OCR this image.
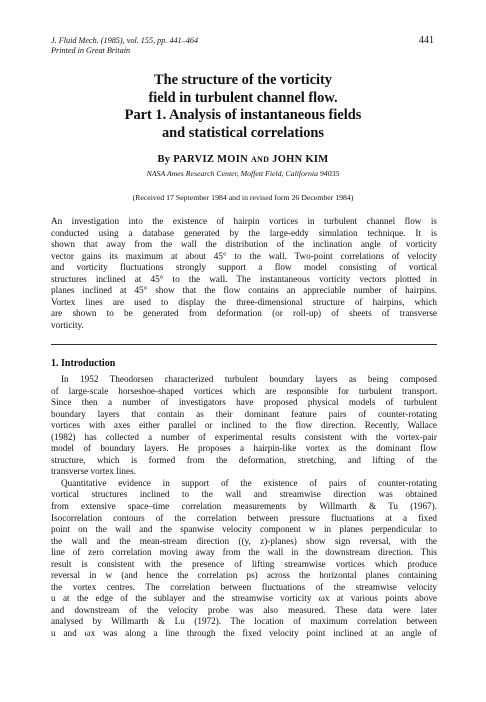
J. Fluid Mech. (1985), vol. 155, pp. 441–464
Printed in Great Britain
441
The structure of the vorticity
field in turbulent channel flow.
Part 1. Analysis of instantaneous fields
and statistical correlations
By PARVIZ MOIN AND JOHN KIM
NASA Ames Research Center, Moffett Field, California 94035
(Received 17 September 1984 and in revised form 26 December 1984)
An investigation into the existence of hairpin vortices in turbulent channel flow is
conducted using a database generated by the large-eddy simulation technique. It is
shown that away from the wall the distribution of the inclination angle of vorticity
vector gains its maximum at about 45° to the wall. Two-point correlations of velocity
and vorticity fluctuations strongly support a flow model consisting of vortical
structures inclined at 45° to the wall. The instantaneous vorticity vectors plotted in
planes inclined at 45° show that the flow contains an appreciable number of hairpins.
Vortex lines are used to display the three-dimensional structure of hairpins, which
are shown to be generated from deformation (or roll-up) of sheets of transverse
vorticity.
1. Introduction
In 1952 Theodorsen characterized turbulent boundary layers as being composed
of large-scale horseshoe-shaped vortices which are responsible for turbulent transport.
Since then a number of investigators have proposed physical models of turbulent
boundary layers that contain as their dominant feature pairs of counter-rotating
vortices with axes either parallel or inclined to the flow direction. Recently, Wallace
(1982) has collected a number of experimental results consistent with the vortex-pair
model of boundary layers. He proposes a hairpin-like vortex as the dominant flow
structure, which is formed from the deformation, stretching, and lifting of the
transverse vortex lines.
Quantitative evidence in support of the existence of pairs of counter-rotating
vortical structures inclined to the wall and streamwise direction was obtained
from extensive space–time correlation measurements by Willmarth & Tu (1967).
Isocorrelation contours of the correlation between pressure fluctuations at a fixed
point on the wall and the spanwise velocity component w in planes perpendicular to
the wall and the mean-stream direction ((y, z)-planes) show sign reversal, with the
line of zero correlation moving away from the wall in the downstream direction. This
result is consistent with the presence of lifting streamwise vortices which produce
reversal in w (and hence the correlation ps) across the horizontal planes containing
the vortex centres. The correlation between fluctuations of the streamwise velocity
u at the edge of the sublayer and the streamwise vorticity ωx at various points above
and downstream of the velocity probe was also measured. These data were later
analysed by Willmarth & Lu (1972). The location of maximum correlation between
u and ωx was along a line through the fixed velocity point inclined at an angle of
